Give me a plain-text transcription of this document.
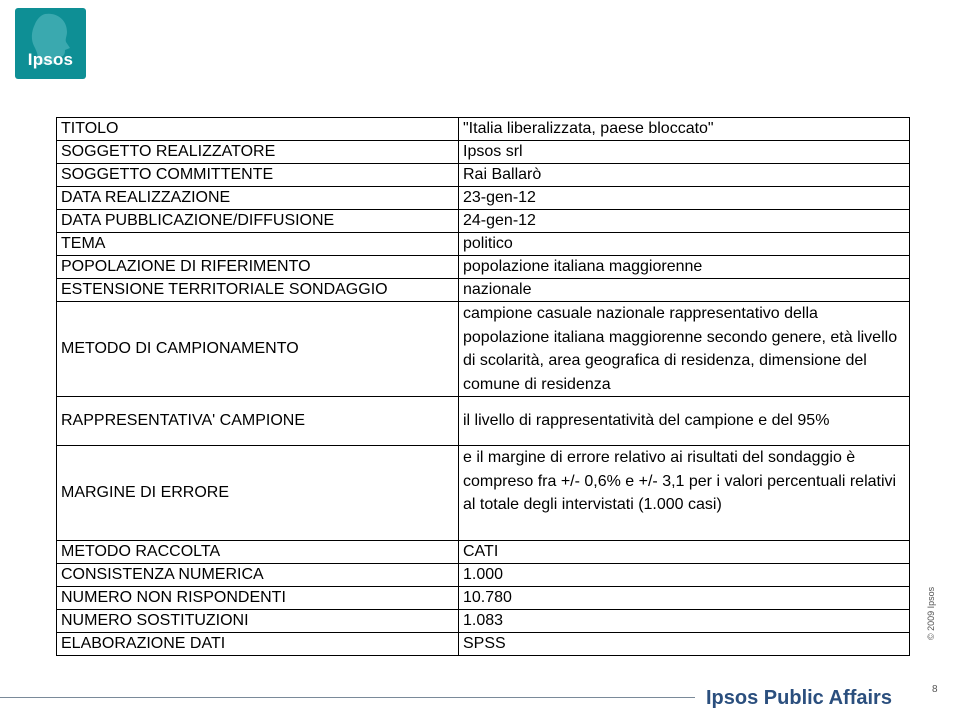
Ipsos
TITOLO	"Italia liberalizzata, paese bloccato"
SOGGETTO REALIZZATORE	Ipsos srl
SOGGETTO COMMITTENTE	Rai Ballarò
DATA REALIZZAZIONE	23-gen-12
DATA PUBBLICAZIONE/DIFFUSIONE	24-gen-12
TEMA	politico
POPOLAZIONE DI RIFERIMENTO	popolazione italiana maggiorenne
ESTENSIONE TERRITORIALE SONDAGGIO	nazionale
METODO DI CAMPIONAMENTO	campione casuale nazionale rappresentativo della popolazione italiana maggiorenne secondo genere, età livello di scolarità, area geografica di residenza, dimensione del comune di residenza
RAPPRESENTATIVA' CAMPIONE	il livello di rappresentatività del campione e del 95%
MARGINE DI ERRORE	e il margine di errore relativo ai risultati del sondaggio è compreso fra +/- 0,6% e +/- 3,1 per i valori percentuali relativi al totale degli intervistati (1.000 casi)
METODO RACCOLTA	CATI
CONSISTENZA NUMERICA	1.000
NUMERO NON RISPONDENTI	10.780
NUMERO SOSTITUZIONI	1.083
ELABORAZIONE DATI	SPSS
© 2009 Ipsos
8
Ipsos Public Affairs
